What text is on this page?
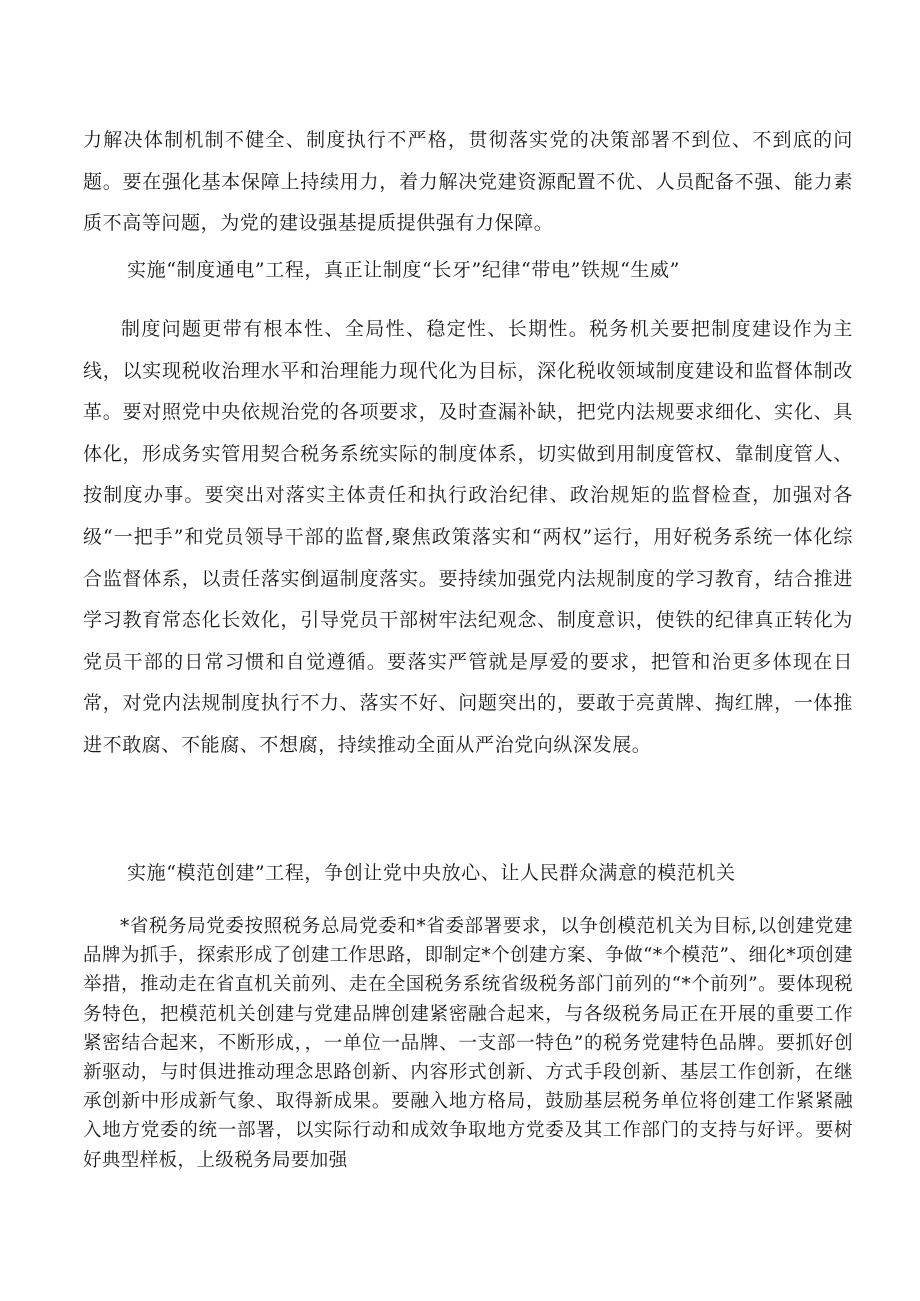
力解决体制机制不健全、制度执行不严格，贯彻落实党的决策部署不到位、不到底的问题。要在强化基本保障上持续用力，着力解决党建资源配置不优、人员配备不强、能力素质不高等问题，为党的建设强基提质提供强有力保障。

实施“制度通电”工程，真正让制度“长牙”纪律“带电”铁规“生威”

制度问题更带有根本性、全局性、稳定性、长期性。税务机关要把制度建设作为主线，以实现税收治理水平和治理能力现代化为目标，深化税收领域制度建设和监督体制改革。要对照党中央依规治党的各项要求，及时查漏补缺，把党内法规要求细化、实化、具体化，形成务实管用契合税务系统实际的制度体系，切实做到用制度管权、靠制度管人、按制度办事。要突出对落实主体责任和执行政治纪律、政治规矩的监督检查，加强对各级“一把手”和党员领导干部的监督,聚焦政策落实和“两权”运行，用好税务系统一体化综合监督体系，以责任落实倒逼制度落实。要持续加强党内法规制度的学习教育，结合推进学习教育常态化长效化，引导党员干部树牢法纪观念、制度意识，使铁的纪律真正转化为党员干部的日常习惯和自觉遵循。要落实严管就是厚爱的要求，把管和治更多体现在日常，对党内法规制度执行不力、落实不好、问题突出的，要敢于亮黄牌、掏红牌，一体推进不敢腐、不能腐、不想腐，持续推动全面从严治党向纵深发展。

实施“模范创建”工程，争创让党中央放心、让人民群众满意的模范机关

*省税务局党委按照税务总局党委和*省委部署要求，以争创模范机关为目标,以创建党建品牌为抓手，探索形成了创建工作思路，即制定*个创建方案、争做“*个模范”、细化*项创建举措，推动走在省直机关前列、走在全国税务系统省级税务部门前列的“*个前列”。要体现税务特色，把模范机关创建与党建品牌创建紧密融合起来，与各级税务局正在开展的重要工作紧密结合起来，不断形成，，一单位一品牌、一支部一特色”的税务党建特色品牌。要抓好创新驱动，与时俱进推动理念思路创新、内容形式创新、方式手段创新、基层工作创新，在继承创新中形成新气象、取得新成果。要融入地方格局，鼓励基层税务单位将创建工作紧紧融入地方党委的统一部署，以实际行动和成效争取地方党委及其工作部门的支持与好评。要树好典型样板，上级税务局要加强
